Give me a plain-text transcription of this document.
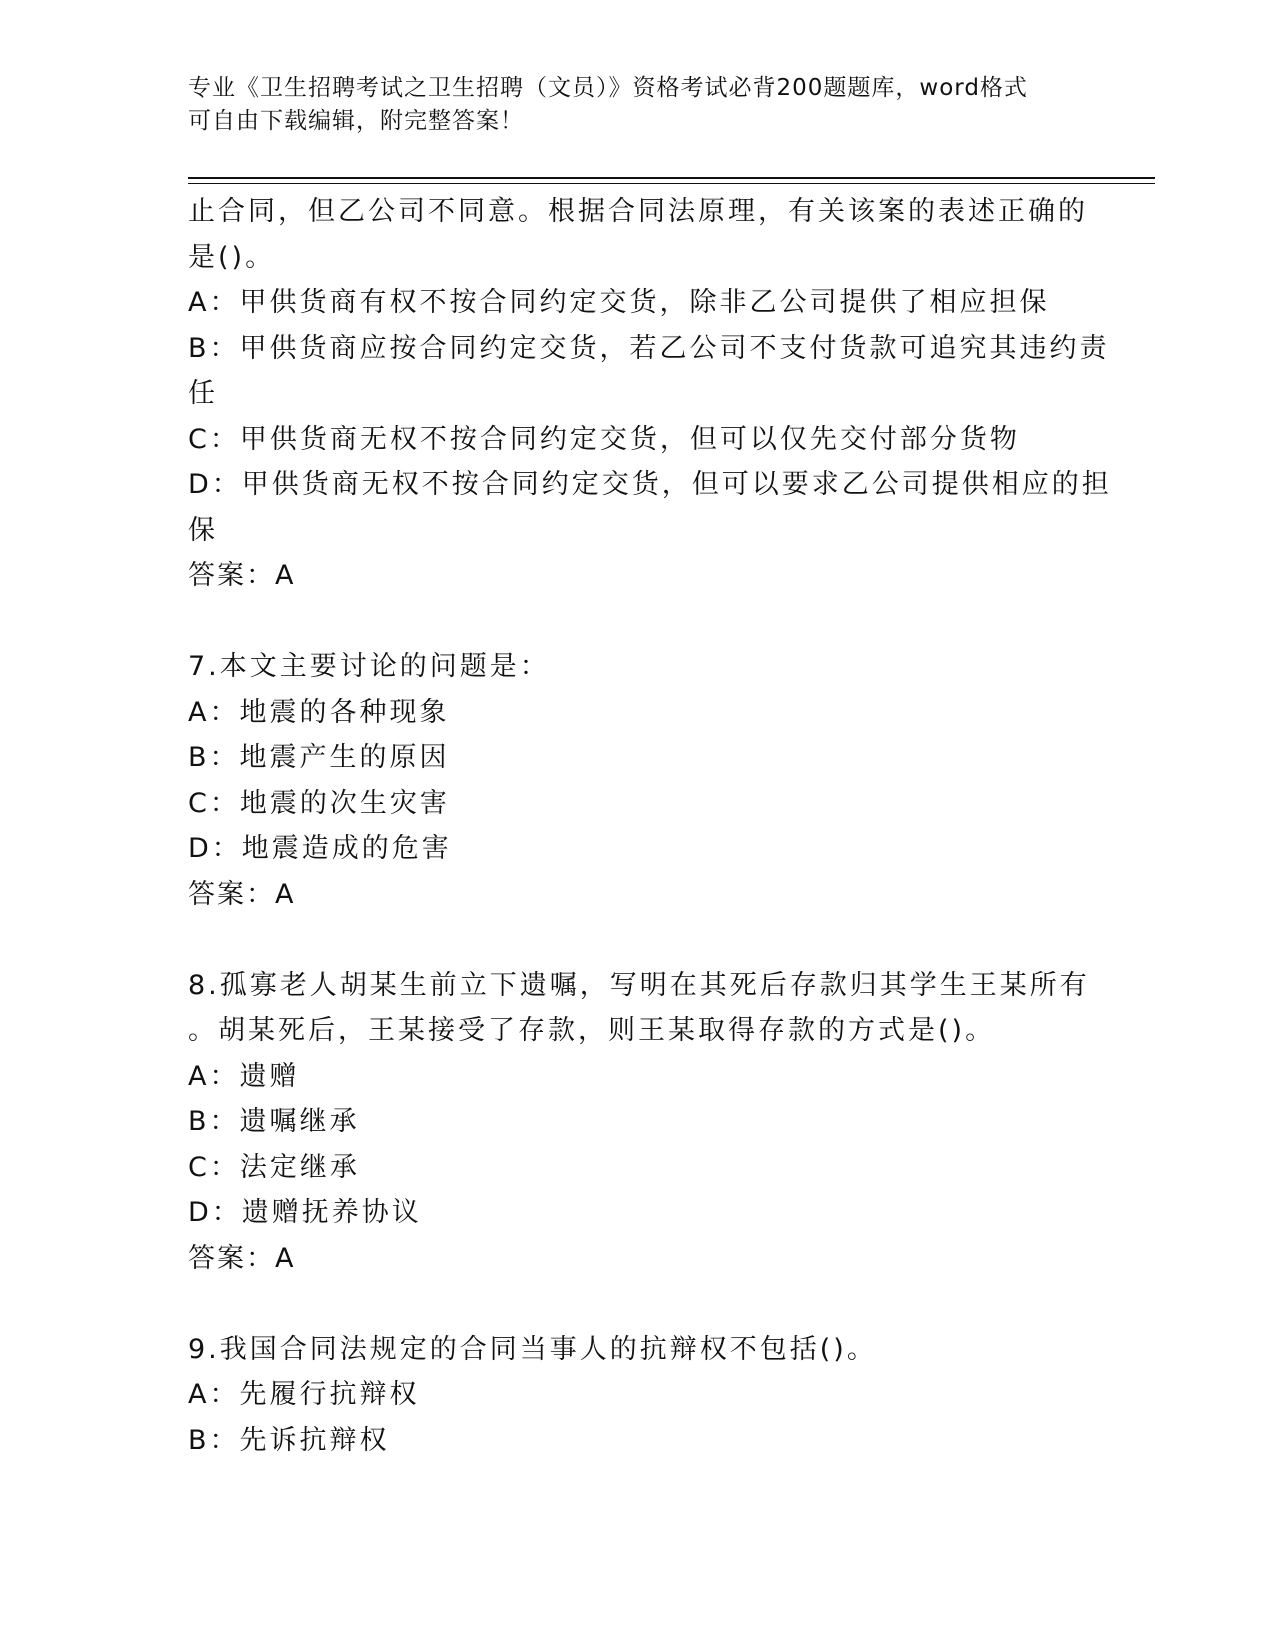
专业《卫生招聘考试之卫生招聘（文员）》资格考试必背200题题库，word格式
可自由下载编辑，附完整答案！

止合同，但乙公司不同意。根据合同法原理，有关该案的表述正确的

是()。

A：甲供货商有权不按合同约定交货，除非乙公司提供了相应担保

B：甲供货商应按合同约定交货，若乙公司不支付货款可追究其违约责

任

C：甲供货商无权不按合同约定交货，但可以仅先交付部分货物

D：甲供货商无权不按合同约定交货，但可以要求乙公司提供相应的担

保

答案：A

7.本文主要讨论的问题是：

A：地震的各种现象

B：地震产生的原因

C：地震的次生灾害

D：地震造成的危害

答案：A

8.孤寡老人胡某生前立下遗嘱，写明在其死后存款归其学生王某所有

。胡某死后，王某接受了存款，则王某取得存款的方式是()。

A：遗赠

B：遗嘱继承

C：法定继承

D：遗赠抚养协议

答案：A

9.我国合同法规定的合同当事人的抗辩权不包括()。

A：先履行抗辩权

B：先诉抗辩权
